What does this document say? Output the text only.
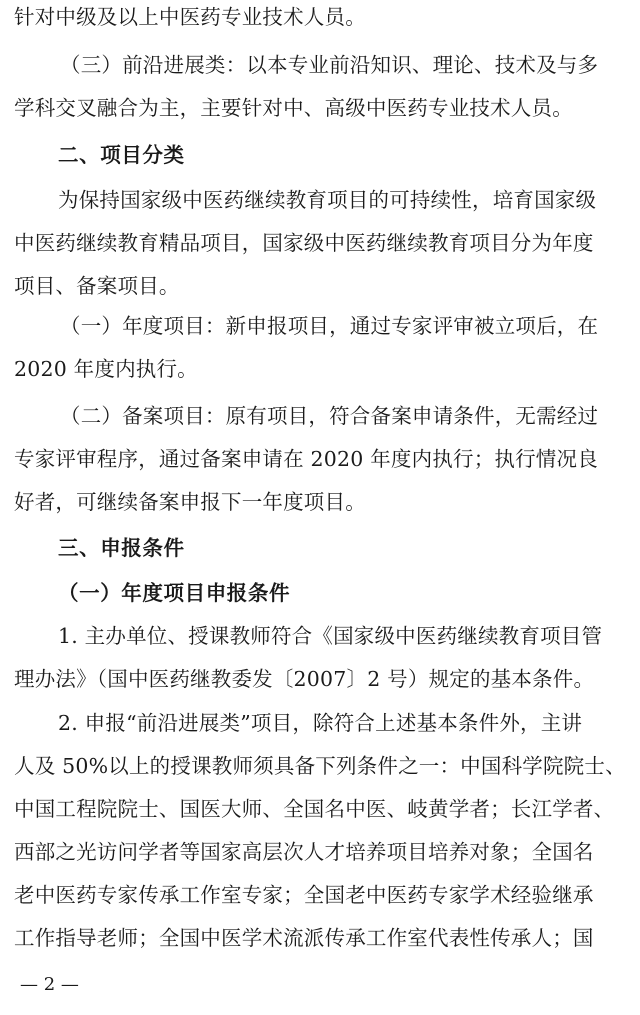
针对中级及以上中医药专业技术人员。
（三）前沿进展类：以本专业前沿知识、理论、技术及与多
学科交叉融合为主，主要针对中、高级中医药专业技术人员。
二、项目分类
为保持国家级中医药继续教育项目的可持续性，培育国家级
中医药继续教育精品项目，国家级中医药继续教育项目分为年度
项目、备案项目。
（一）年度项目：新申报项目，通过专家评审被立项后，在
2020 年度内执行。
（二）备案项目：原有项目，符合备案申请条件，无需经过
专家评审程序，通过备案申请在 2020 年度内执行；执行情况良
好者，可继续备案申报下一年度项目。
三、申报条件
（一）年度项目申报条件
1. 主办单位、授课教师符合《国家级中医药继续教育项目管
理办法》（国中医药继教委发〔2007〕2 号）规定的基本条件。
2. 申报“前沿进展类”项目，除符合上述基本条件外，主讲
人及 50%以上的授课教师须具备下列条件之一：中国科学院院士、
中国工程院院士、国医大师、全国名中医、岐黄学者；长江学者、
西部之光访问学者等国家高层次人才培养项目培养对象；全国名
老中医药专家传承工作室专家；全国老中医药专家学术经验继承
工作指导老师；全国中医学术流派传承工作室代表性传承人；国
— 2 —
